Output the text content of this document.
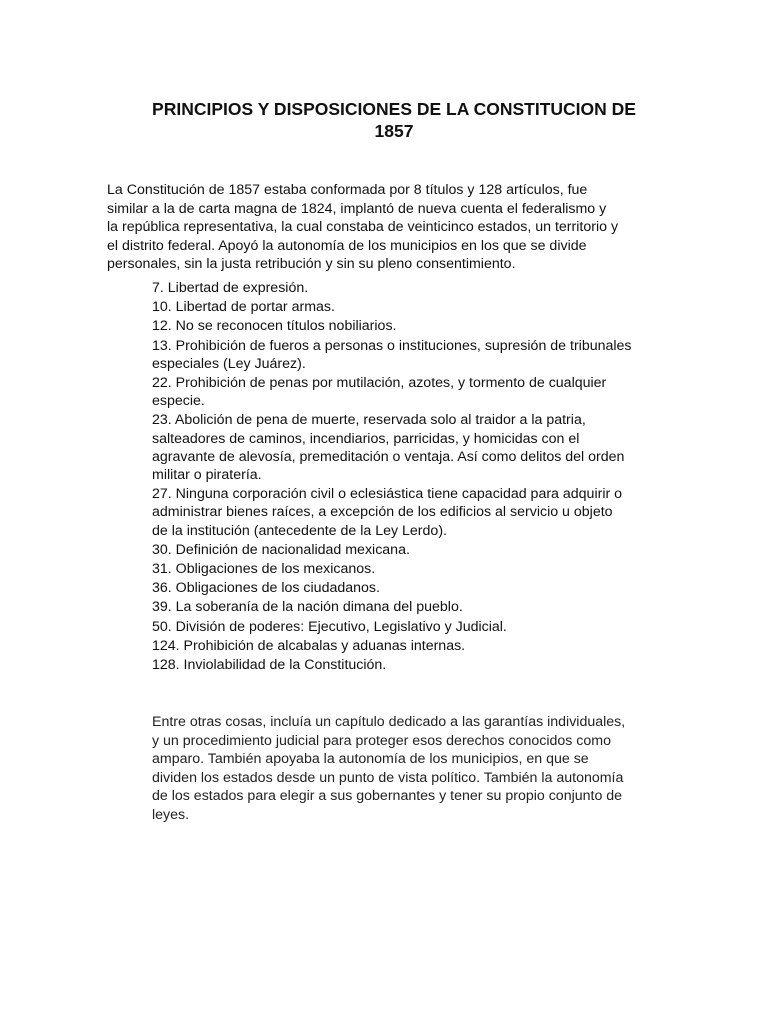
PRINCIPIOS Y DISPOSICIONES DE LA CONSTITUCION DE
1857

La Constitución de 1857 estaba conformada por 8 títulos y 128 artículos, fue
similar a la de carta magna de 1824, implantó de nueva cuenta el federalismo y
la república representativa, la cual constaba de veinticinco estados, un territorio y
el distrito federal. Apoyó la autonomía de los municipios en los que se divide
personales, sin la justa retribución y sin su pleno consentimiento.

7. Libertad de expresión.
10. Libertad de portar armas.
12. No se reconocen títulos nobiliarios.
13. Prohibición de fueros a personas o instituciones, supresión de tribunales
especiales (Ley Juárez).
22. Prohibición de penas por mutilación, azotes, y tormento de cualquier
especie.
23. Abolición de pena de muerte, reservada solo al traidor a la patria,
salteadores de caminos, incendiarios, parricidas, y homicidas con el
agravante de alevosía, premeditación o ventaja. Así como delitos del orden
militar o piratería.
27. Ninguna corporación civil o eclesiástica tiene capacidad para adquirir o
administrar bienes raíces, a excepción de los edificios al servicio u objeto
de la institución (antecedente de la Ley Lerdo).
30. Definición de nacionalidad mexicana.
31. Obligaciones de los mexicanos.
36. Obligaciones de los ciudadanos.
39. La soberanía de la nación dimana del pueblo.
50. División de poderes: Ejecutivo, Legislativo y Judicial.
124. Prohibición de alcabalas y aduanas internas.
128. Inviolabilidad de la Constitución.

Entre otras cosas, incluía un capítulo dedicado a las garantías individuales,
y un procedimiento judicial para proteger esos derechos conocidos como
amparo. También apoyaba la autonomía de los municipios, en que se
dividen los estados desde un punto de vista político. También la autonomía
de los estados para elegir a sus gobernantes y tener su propio conjunto de
leyes.
